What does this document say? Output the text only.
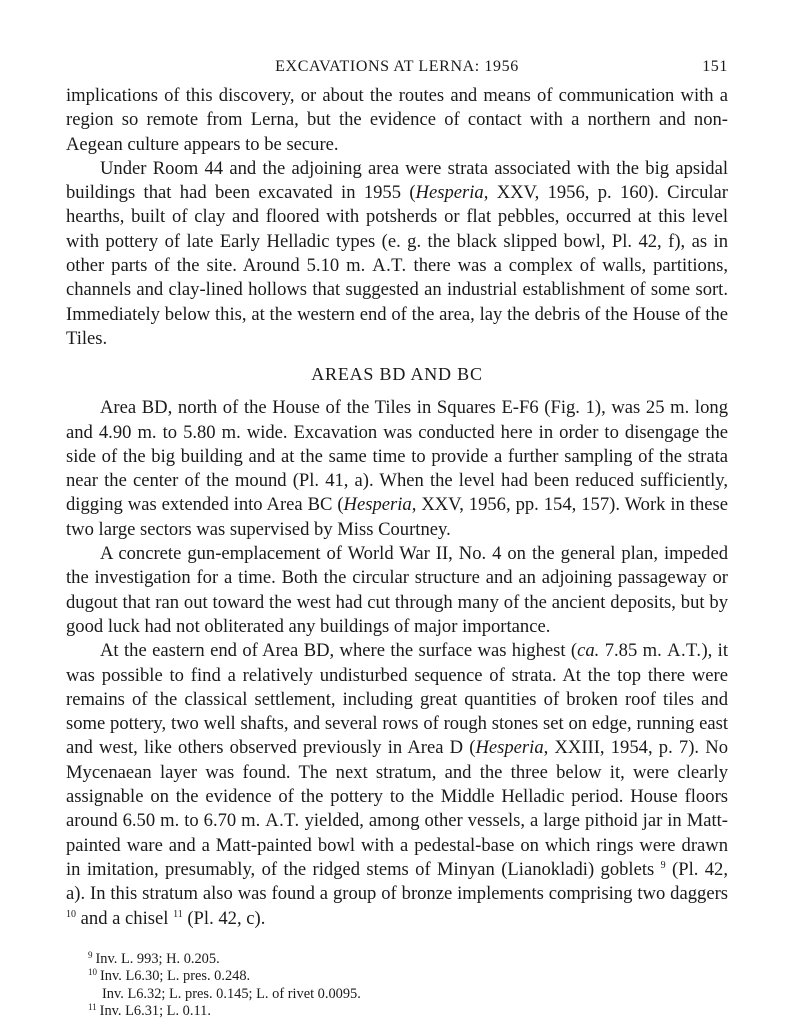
EXCAVATIONS AT LERNA: 1956	151

implications of this discovery, or about the routes and means of communication with a region so remote from Lerna, but the evidence of contact with a northern and non-Aegean culture appears to be secure.

Under Room 44 and the adjoining area were strata associated with the big apsidal buildings that had been excavated in 1955 (Hesperia, XXV, 1956, p. 160). Circular hearths, built of clay and floored with potsherds or flat pebbles, occurred at this level with pottery of late Early Helladic types (e. g. the black slipped bowl, Pl. 42, f), as in other parts of the site. Around 5.10 m. A.T. there was a complex of walls, partitions, channels and clay-lined hollows that suggested an industrial establishment of some sort. Immediately below this, at the western end of the area, lay the debris of the House of the Tiles.

AREAS BD AND BC

Area BD, north of the House of the Tiles in Squares E-F6 (Fig. 1), was 25 m. long and 4.90 m. to 5.80 m. wide. Excavation was conducted here in order to disengage the side of the big building and at the same time to provide a further sampling of the strata near the center of the mound (Pl. 41, a). When the level had been reduced sufficiently, digging was extended into Area BC (Hesperia, XXV, 1956, pp. 154, 157). Work in these two large sectors was supervised by Miss Courtney.

A concrete gun-emplacement of World War II, No. 4 on the general plan, impeded the investigation for a time. Both the circular structure and an adjoining passageway or dugout that ran out toward the west had cut through many of the ancient deposits, but by good luck had not obliterated any buildings of major importance.

At the eastern end of Area BD, where the surface was highest (ca. 7.85 m. A.T.), it was possible to find a relatively undisturbed sequence of strata. At the top there were remains of the classical settlement, including great quantities of broken roof tiles and some pottery, two well shafts, and several rows of rough stones set on edge, running east and west, like others observed previously in Area D (Hesperia, XXIII, 1954, p. 7). No Mycenaean layer was found. The next stratum, and the three below it, were clearly assignable on the evidence of the pottery to the Middle Helladic period. House floors around 6.50 m. to 6.70 m. A.T. yielded, among other vessels, a large pithoid jar in Matt-painted ware and a Matt-painted bowl with a pedestal-base on which rings were drawn in imitation, presumably, of the ridged stems of Minyan (Lianokladi) goblets $^9$ (Pl. 42, a). In this stratum also was found a group of bronze implements comprising two daggers $^{10}$ and a chisel $^{11}$ (Pl. 42, c).

$^9$ Inv. L. 993; H. 0.205.

$^{10}$ Inv. L6.30; L. pres. 0.248.

Inv. L6.32; L. pres. 0.145; L. of rivet 0.0095.

$^{11}$ Inv. L6.31; L. 0.11.
